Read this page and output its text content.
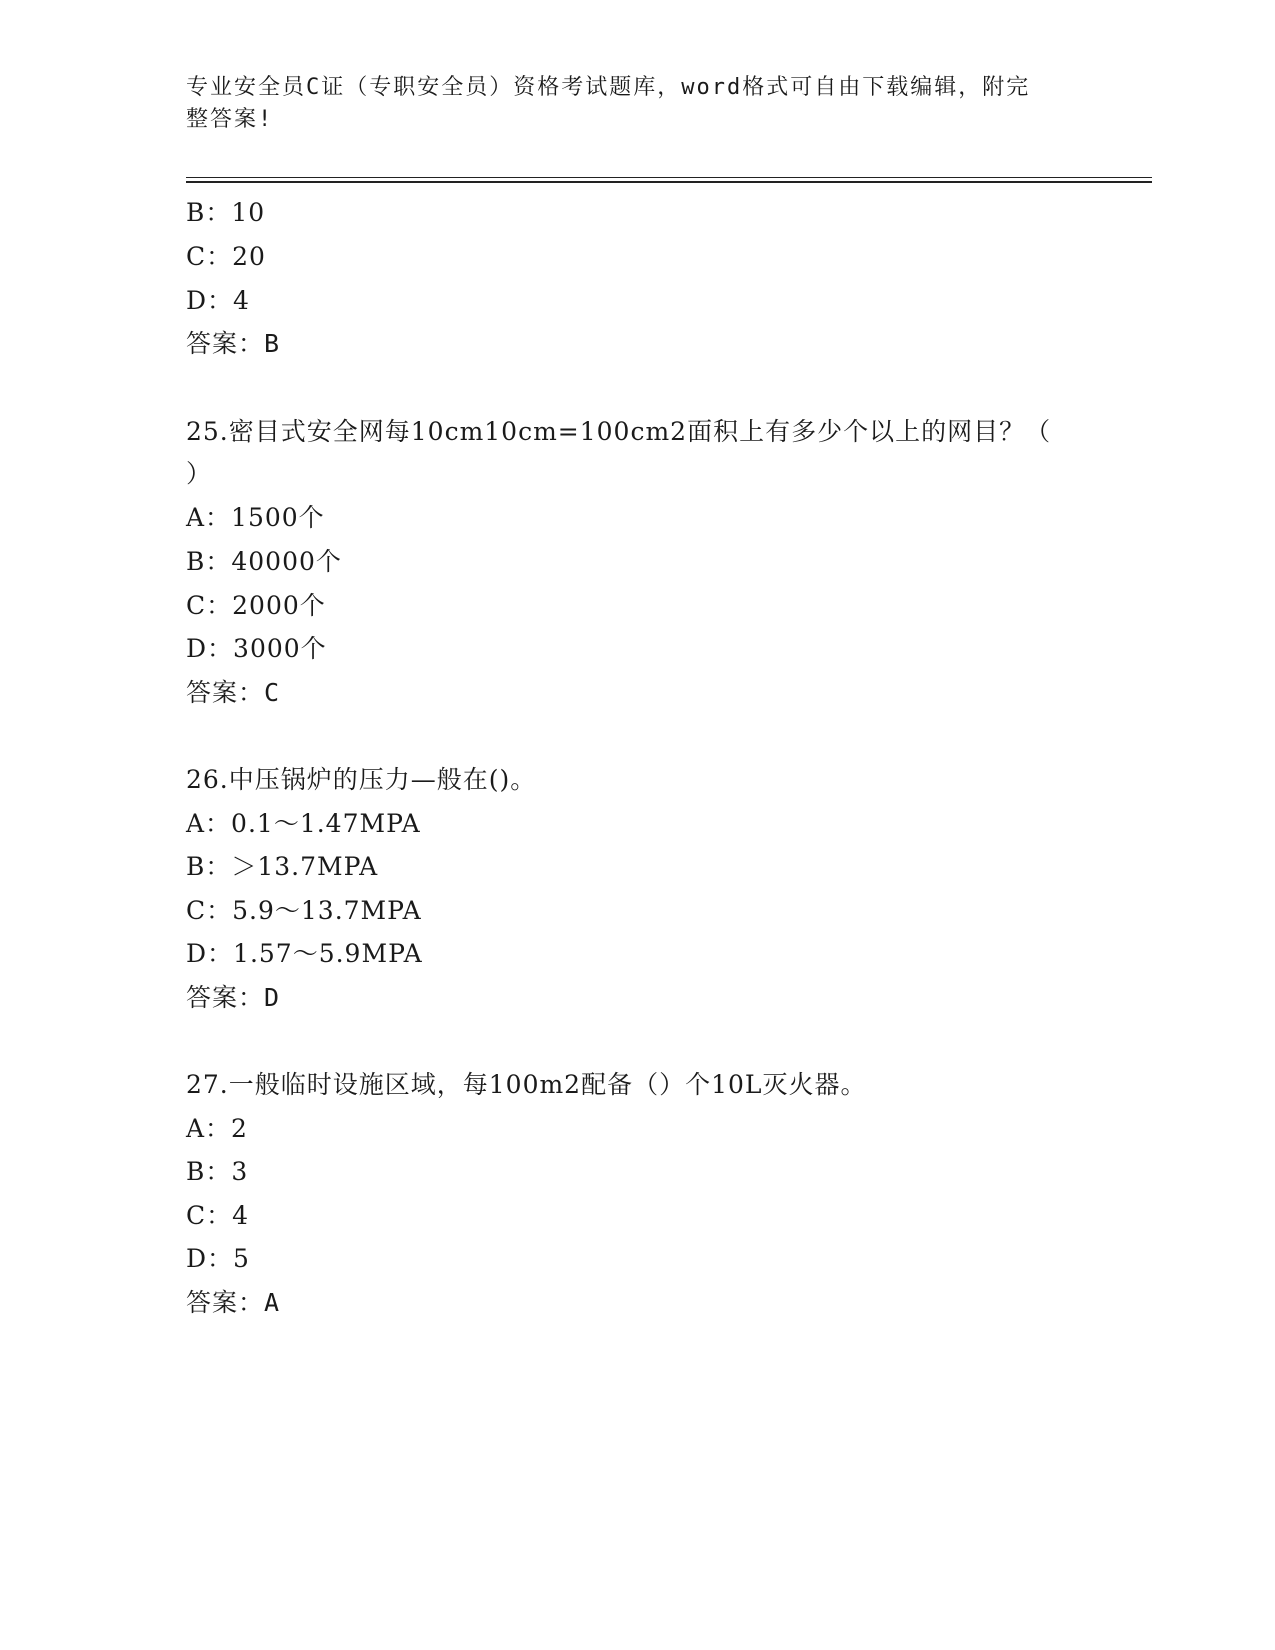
专业安全员C证（专职安全员）资格考试题库，word格式可自由下载编辑，附完
整答案!
B：10
C：20
D：4
答案：B
25.密目式安全网每10cm10cm=100cm2面积上有多少个以上的网目？（
）
A：1500个
B：40000个
C：2000个
D：3000个
答案：C
26.中压锅炉的压力—般在()。
A：0.1～1.47MPA
B：＞13.7MPA
C：5.9～13.7MPA
D：1.57～5.9MPA
答案：D
27.一般临时设施区域，每100m2配备（）个10L灭火器。
A：2
B：3
C：4
D：5
答案：A
